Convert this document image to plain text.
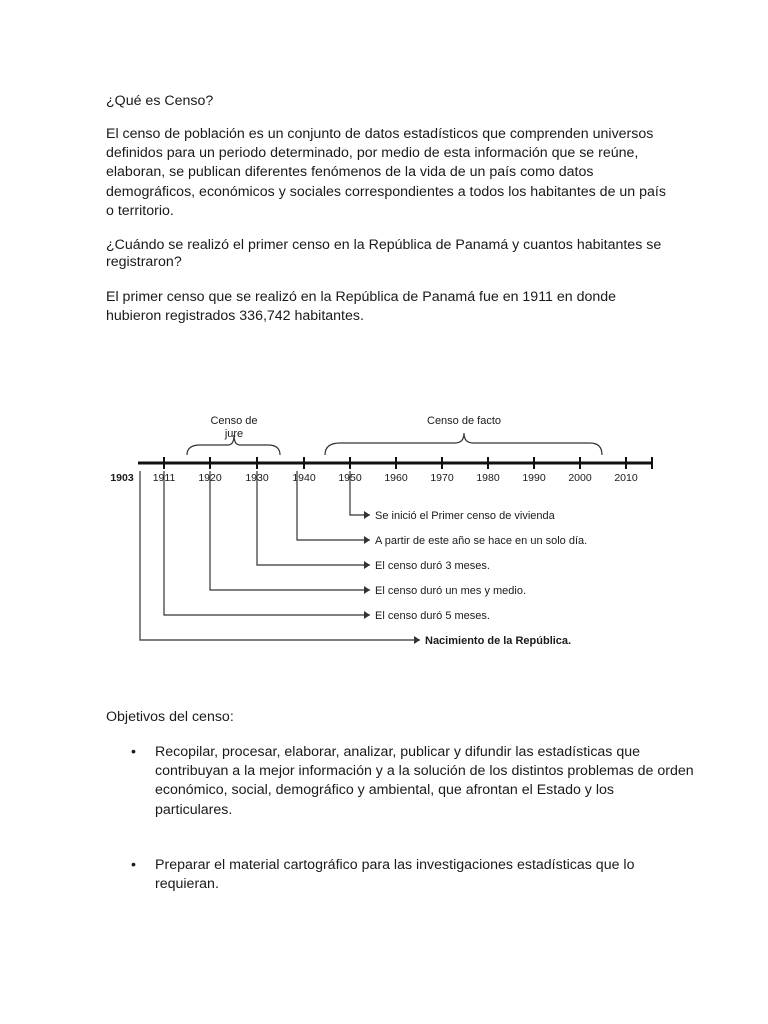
¿Qué es Censo?

El censo de población es un conjunto de datos estadísticos que comprenden universos definidos para un periodo determinado, por medio de esta información que se reúne, elaboran, se publican diferentes fenómenos de la vida de un país como datos demográficos, económicos y sociales correspondientes a todos los habitantes de un país o territorio.

¿Cuándo se realizó el primer censo en la República de Panamá y cuantos habitantes se registraron?

El primer censo que se realizó en la República de Panamá fue en 1911 en donde hubieron registrados 336,742 habitantes.

Censo de
jure
Censo de facto
1903 1911 1920 1930 1940 1950 1960 1970 1980 1990 2000 2010
Se inició el Primer censo de vivienda
A partir de este año se hace en un solo día.
El censo duró 3 meses.
El censo duró un mes y medio.
El censo duró 5 meses.
Nacimiento de la República.

Objetivos del censo:

• Recopilar, procesar, elaborar, analizar, publicar y difundir las estadísticas que contribuyan a la mejor información y a la solución de los distintos problemas de orden económico, social, demográfico y ambiental, que afrontan el Estado y los particulares.
• Preparar el material cartográfico para las investigaciones estadísticas que lo requieran.
